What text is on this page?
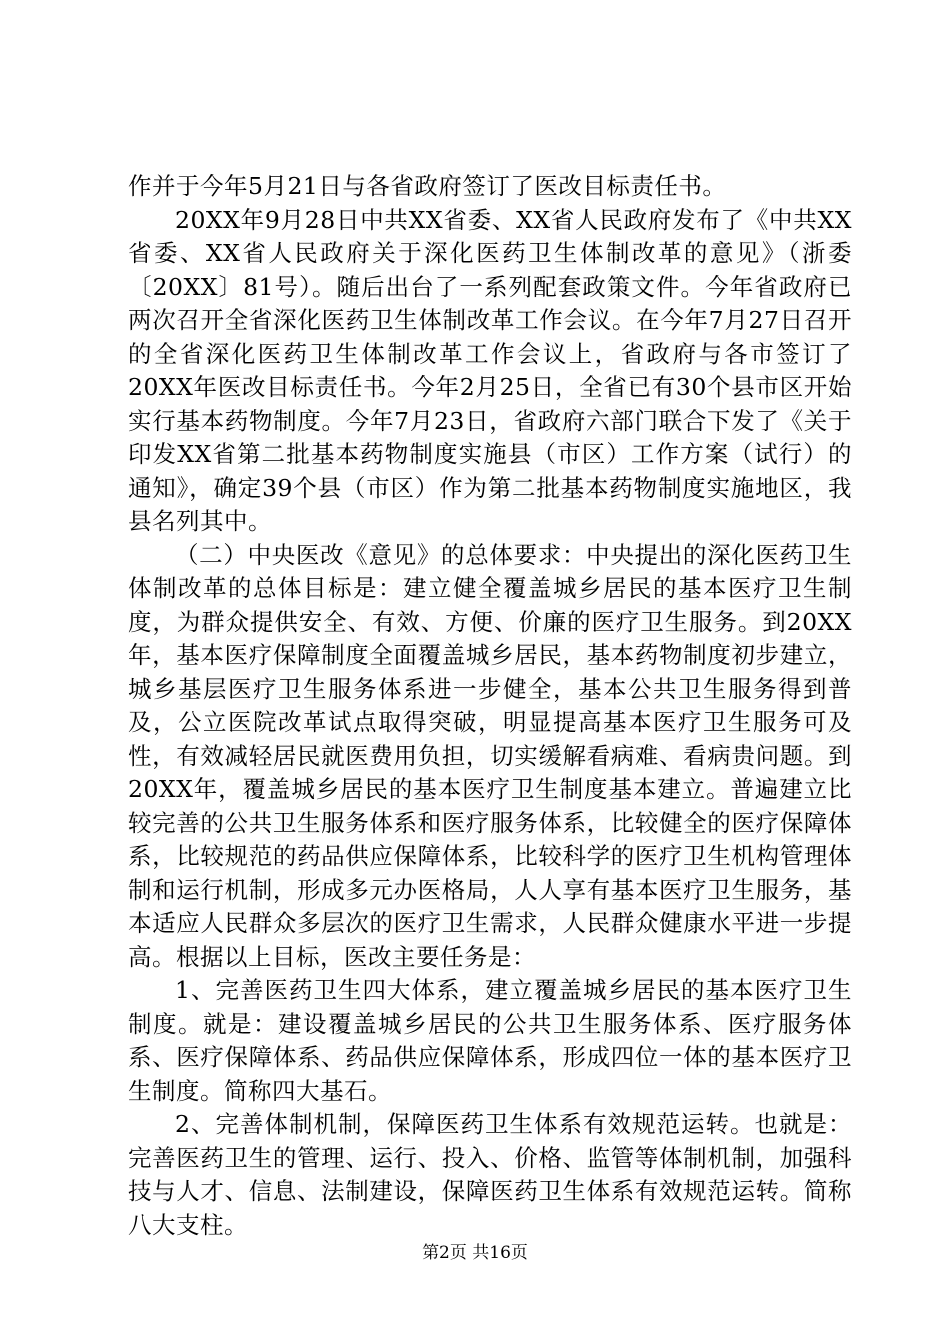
作并于今年5月21日与各省政府签订了医改目标责任书。

20XX年9月28日中共XX省委、XX省人民政府发布了《中共XX省委、XX省人民政府关于深化医药卫生体制改革的意见》（浙委〔20XX〕81号）。随后出台了一系列配套政策文件。今年省政府已两次召开全省深化医药卫生体制改革工作会议。在今年7月27日召开的全省深化医药卫生体制改革工作会议上，省政府与各市签订了20XX年医改目标责任书。今年2月25日，全省已有30个县市区开始实行基本药物制度。今年7月23日，省政府六部门联合下发了《关于印发XX省第二批基本药物制度实施县（市区）工作方案（试行）的通知》，确定39个县（市区）作为第二批基本药物制度实施地区，我县名列其中。

（二）中央医改《意见》的总体要求：中央提出的深化医药卫生体制改革的总体目标是：建立健全覆盖城乡居民的基本医疗卫生制度，为群众提供安全、有效、方便、价廉的医疗卫生服务。到20XX年，基本医疗保障制度全面覆盖城乡居民，基本药物制度初步建立，城乡基层医疗卫生服务体系进一步健全，基本公共卫生服务得到普及，公立医院改革试点取得突破，明显提高基本医疗卫生服务可及性，有效减轻居民就医费用负担，切实缓解看病难、看病贵问题。到20XX年，覆盖城乡居民的基本医疗卫生制度基本建立。普遍建立比较完善的公共卫生服务体系和医疗服务体系，比较健全的医疗保障体系，比较规范的药品供应保障体系，比较科学的医疗卫生机构管理体制和运行机制，形成多元办医格局，人人享有基本医疗卫生服务，基本适应人民群众多层次的医疗卫生需求，人民群众健康水平进一步提高。根据以上目标，医改主要任务是：

1、完善医药卫生四大体系，建立覆盖城乡居民的基本医疗卫生制度。就是：建设覆盖城乡居民的公共卫生服务体系、医疗服务体系、医疗保障体系、药品供应保障体系，形成四位一体的基本医疗卫生制度。简称四大基石。

2、完善体制机制，保障医药卫生体系有效规范运转。也就是：完善医药卫生的管理、运行、投入、价格、监管等体制机制，加强科技与人才、信息、法制建设，保障医药卫生体系有效规范运转。简称八大支柱。

第2页 共16页
